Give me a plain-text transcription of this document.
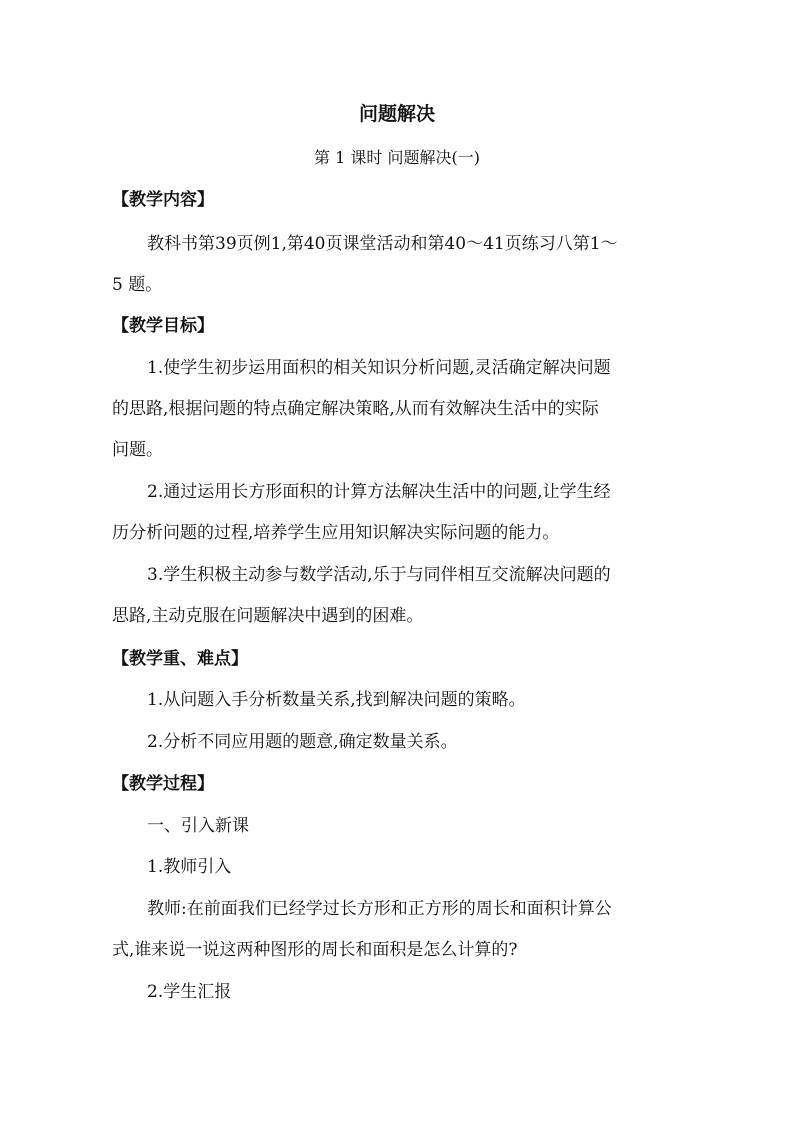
问题解决
第 1 课时 问题解决(一)
【教学内容】
教科书第39页例1,第40页课堂活动和第40～41页练习八第1～
5 题。
【教学目标】
1.使学生初步运用面积的相关知识分析问题,灵活确定解决问题
的思路,根据问题的特点确定解决策略,从而有效解决生活中的实际
问题。
2.通过运用长方形面积的计算方法解决生活中的问题,让学生经
历分析问题的过程,培养学生应用知识解决实际问题的能力。
3.学生积极主动参与数学活动,乐于与同伴相互交流解决问题的
思路,主动克服在问题解决中遇到的困难。
【教学重、难点】
1.从问题入手分析数量关系,找到解决问题的策略。
2.分析不同应用题的题意,确定数量关系。
【教学过程】
一、引入新课
1.教师引入
教师:在前面我们已经学过长方形和正方形的周长和面积计算公
式,谁来说一说这两种图形的周长和面积是怎么计算的?
2.学生汇报
